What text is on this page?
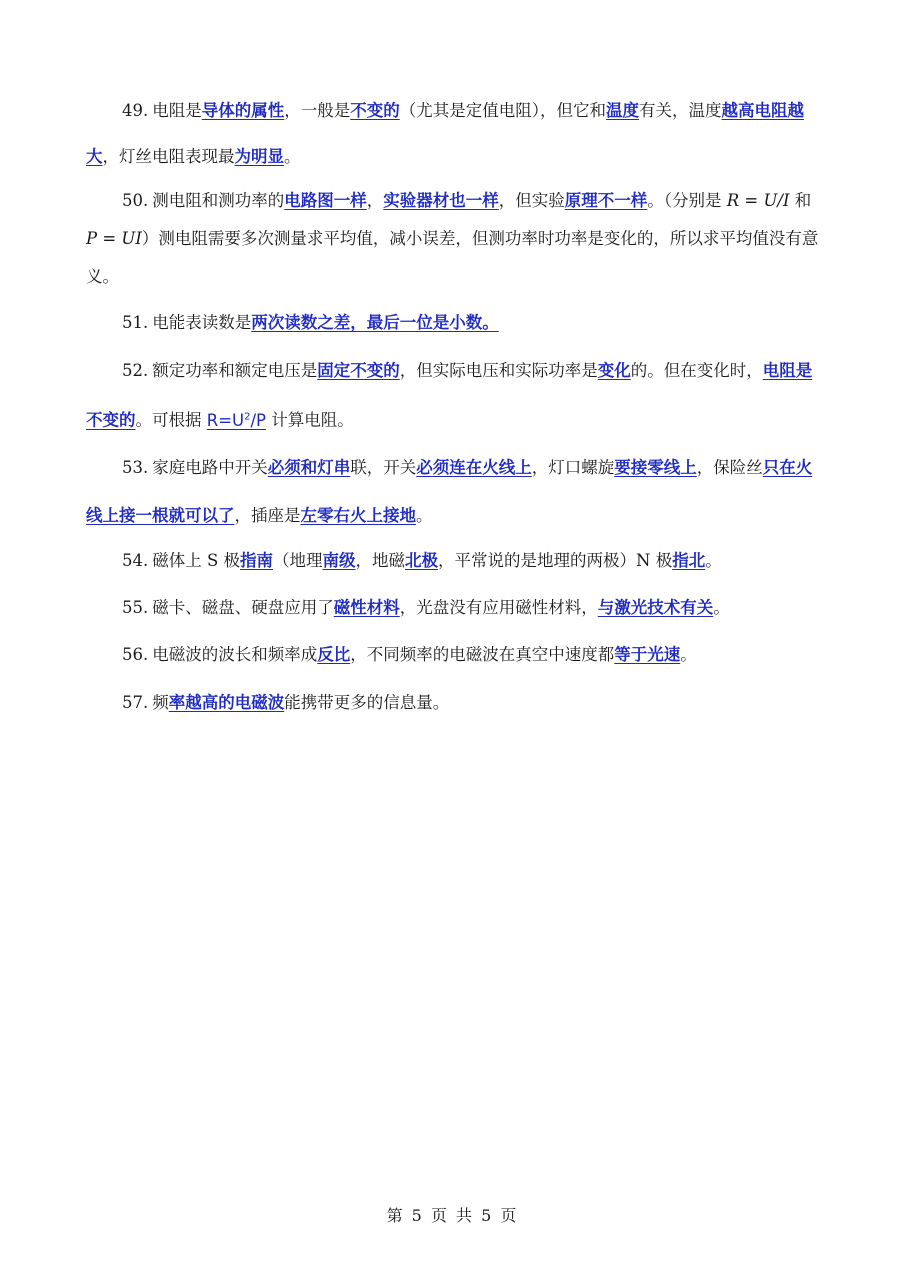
49. 电阻是导体的属性，一般是不变的（尤其是定值电阻），但它和温度有关，温度越高电阻越大，灯丝电阻表现最为明显。

50. 测电阻和测功率的电路图一样，实验器材也一样，但实验原理不一样。（分别是 R = U/I 和 P = UI）测电阻需要多次测量求平均值，减小误差，但测功率时功率是变化的，所以求平均值没有意义。

51. 电能表读数是两次读数之差，最后一位是小数。

52. 额定功率和额定电压是固定不变的，但实际电压和实际功率是变化的。但在变化时，电阻是不变的。可根据 $R=U^2/P$ 计算电阻。

53. 家庭电路中开关必须和灯串联，开关必须连在火线上，灯口螺旋要接零线上，保险丝只在火线上接一根就可以了，插座是左零右火上接地。

54. 磁体上 S 极指南（地理南级，地磁北极，平常说的是地理的两极）N 极指北。

55. 磁卡、磁盘、硬盘应用了磁性材料，光盘没有应用磁性材料，与激光技术有关。

56. 电磁波的波长和频率成反比，不同频率的电磁波在真空中速度都等于光速。

57. 频率越高的电磁波能携带更多的信息量。

第 5 页 共 5 页
